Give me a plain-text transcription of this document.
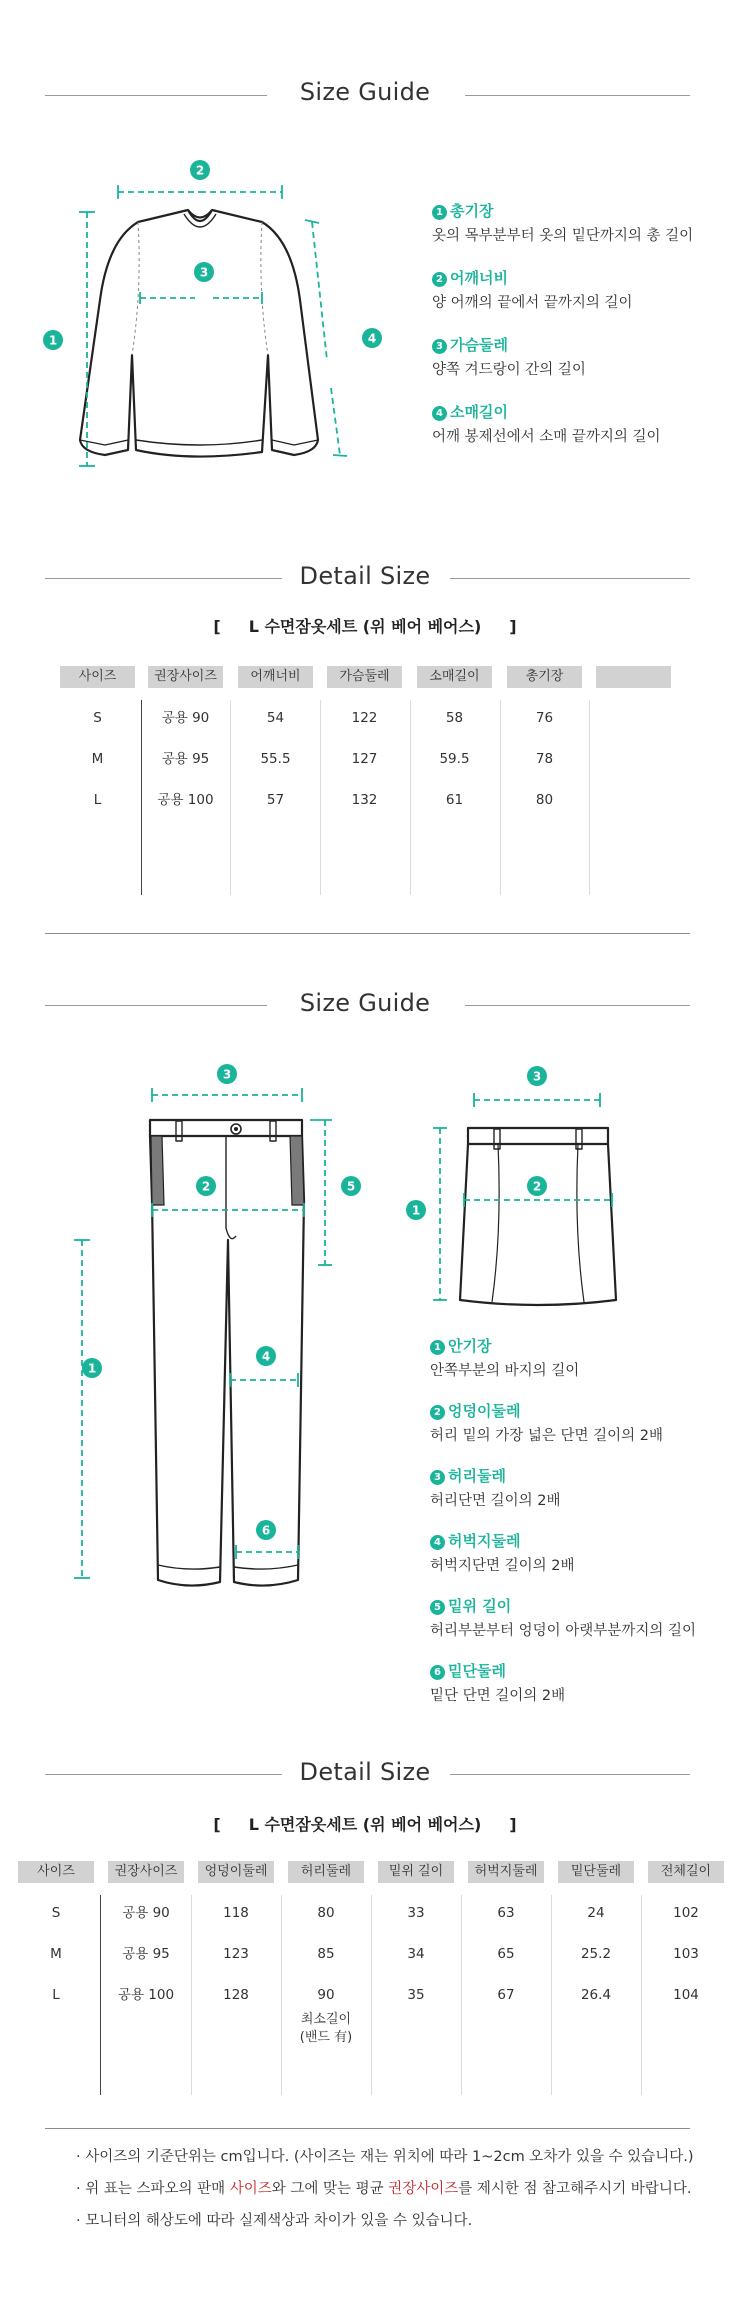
Size Guide
1
2
3
4
1 총기장
옷의 목부분부터 옷의 밑단까지의 총 길이
2 어깨너비
양 어깨의 끝에서 끝까지의 길이
3 가슴둘레
양쪽 겨드랑이 간의 길이
4 소매길이
어깨 봉제선에서 소매 끝까지의 길이
Detail Size
[ L 수면잠옷세트 (위 베어 베어스) ]
사이즈	권장사이즈	어깨너비	가슴둘레	소매길이	총기장
S	공용 90	54	122	58	76
M	공용 95	55.5	127	59.5	78
L	공용 100	57	132	61	80
Size Guide
3
2	5
4
1
6
3
2
1
1 안기장
안쪽부분의 바지의 길이
2 엉덩이둘레
허리 밑의 가장 넓은 단면 길이의 2배
3 허리둘레
허리단면 길이의 2배
4 허벅지둘레
허벅지단면 길이의 2배
5 밑위 길이
허리부분부터 엉덩이 아랫부분까지의 길이
6 밑단둘레
밑단 단면 길이의 2배
Detail Size
[ L 수면잠옷세트 (위 베어 베어스) ]
사이즈	권장사이즈	엉덩이둘레	허리둘레	밑위 길이	허벅지둘레	밑단둘레	전체길이
S	공용 90	118	80	33	63	24	102
M	공용 95	123	85	34	65	25.2	103
L	공용 100	128	90	35	67	26.4	104
최소길이
(밴드 有)
· 사이즈의 기준단위는 cm입니다. (사이즈는 재는 위치에 따라 1~2cm 오차가 있을 수 있습니다.)
· 위 표는 스파오의 판매 사이즈와 그에 맞는 평균 권장사이즈를 제시한 점 참고해주시기 바랍니다.
· 모니터의 해상도에 따라 실제색상과 차이가 있을 수 있습니다.
